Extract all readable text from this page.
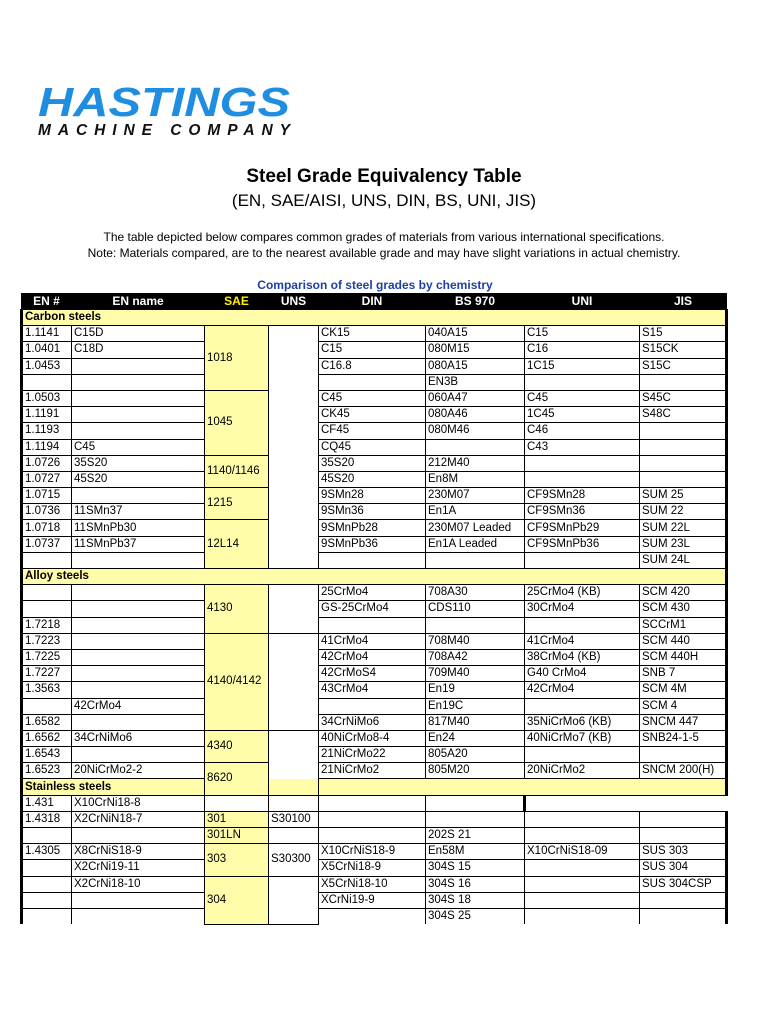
HASTINGS
MACHINE COMPANY
Steel Grade Equivalency Table
(EN, SAE/AISI, UNS, DIN, BS, UNI, JIS)
The table depicted below compares common grades of materials from various international specifications.
Note: Materials compared, are to the nearest available grade and may have slight variations in actual chemistry.
Comparison of steel grades by chemistry
EN #	EN name	SAE	UNS	DIN	BS 970	UNI	JIS
Carbon steels							
1.1141	C15D	1018		CK15	040A15	C15	S15
1.0401	C18D			C15	080M15	C16	S15CK
1.0453				C16.8	080A15	1C15	S15C
					EN3B		
1.0503		1045		C45	060A47	C45	S45C
1.1191				CK45	080A46	1C45	S48C
1.1193				CF45	080M46	C46	
1.1194	C45			CQ45		C43	
1.0726	35S20	1140/1146		35S20	212M40		
1.0727	45S20			45S20	En8M		
1.0715		1215		9SMn28	230M07	CF9SMn28	SUM 25
1.0736	11SMn37			9SMn36	En1A	CF9SMn36	SUM 22
1.0718	11SMnPb30	12L14		9SMnPb28	230M07 Leaded	CF9SMnPb29	SUM 22L
1.0737	11SMnPb37			9SMnPb36	En1A Leaded	CF9SMnPb36	SUM 23L
							SUM 24L
Alloy steels							
		4130		25CrMo4	708A30	25CrMo4 (KB)	SCM 420
				GS-25CrMo4	CDS110	30CrMo4	SCM 430
1.7218							SCCrM1
1.7223		4140/4142		41CrMo4	708M40	41CrMo4	SCM 440
1.7225				42CrMo4	708A42	38CrMo4 (KB)	SCM 440H
1.7227				42CrMoS4	709M40	G40 CrMo4	SNB 7
1.3563				43CrMo4	En19	42CrMo4	SCM 4M
	42CrMo4				En19C		SCM 4
1.6582				34CrNiMo6	817M40	35NiCrMo6 (KB)	SNCM 447
1.6562	34CrNiMo6	4340		40NiCrMo8-4	En24	40NiCrMo7 (KB)	SNB24-1-5
1.6543				21NiCrMo22	805A20		
1.6523	20NiCrMo2-2	8620		21NiCrMo2	805M20	20NiCrMo2	SNCM 200(H)
Stainless steels							
1.431	X10CrNi18-8						
1.4318	X2CrNiN18-7	301	S30100				
		301LN			202S 21		
1.4305	X8CrNiS18-9	303	S30300	X10CrNiS18-9	En58M	X10CrNiS18-09	SUS 303
	X2CrNi19-11			X5CrNi18-9	304S 15		SUS 304
	X2CrNi18-10	304		X5CrNi18-10	304S 16		SUS 304CSP
				XCrNi19-9	304S 18		
					304S 25		
